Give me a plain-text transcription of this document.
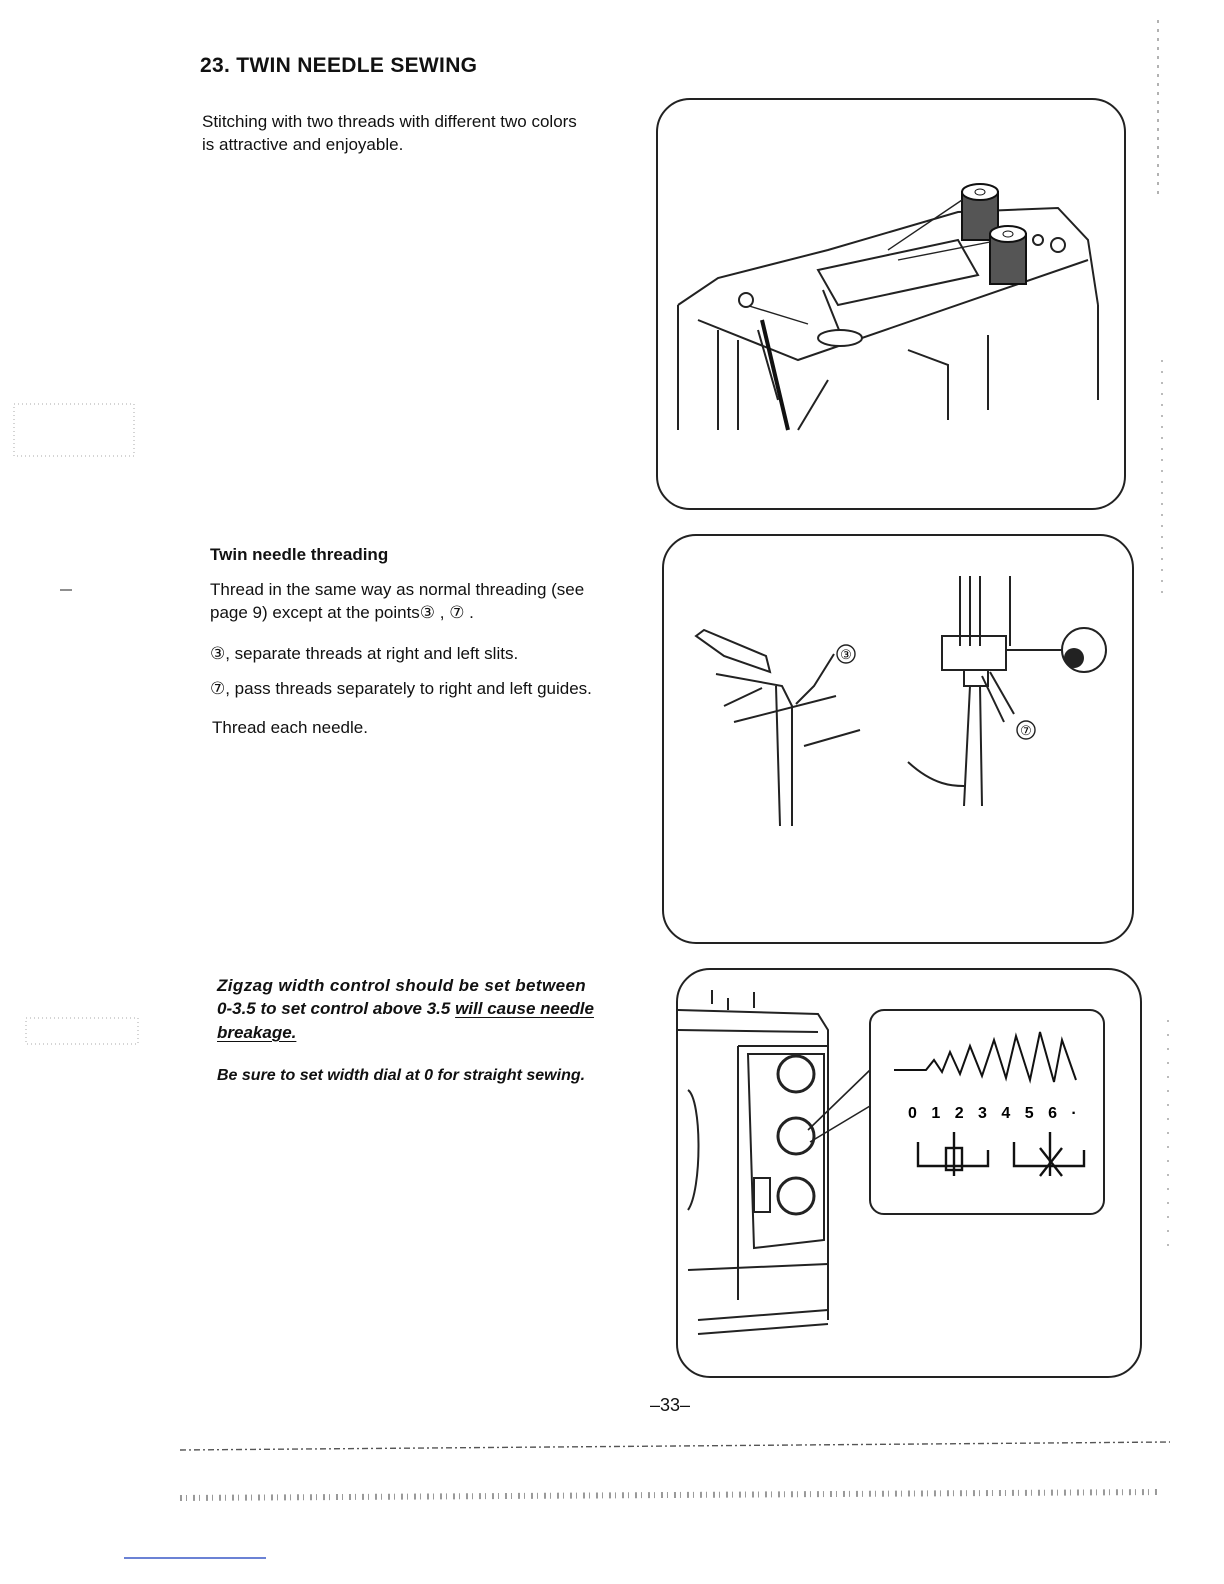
23. TWIN NEEDLE SEWING

Stitching with two threads with different two colors

is attractive and enjoyable.

Twin needle threading

Thread in the same way as normal threading (see

page 9) except at the points③ , ⑦ .

③, separate threads at right and left slits.

⑦, pass threads separately to right and left guides.

Thread each needle.

Zigzag width control should be set between

0-3.5 to set control above 3.5 will cause needle

breakage.

Be sure to set width dial at 0 for straight sewing.

③
⑦
0 1 2 3 4 5 6 ·
–33–
